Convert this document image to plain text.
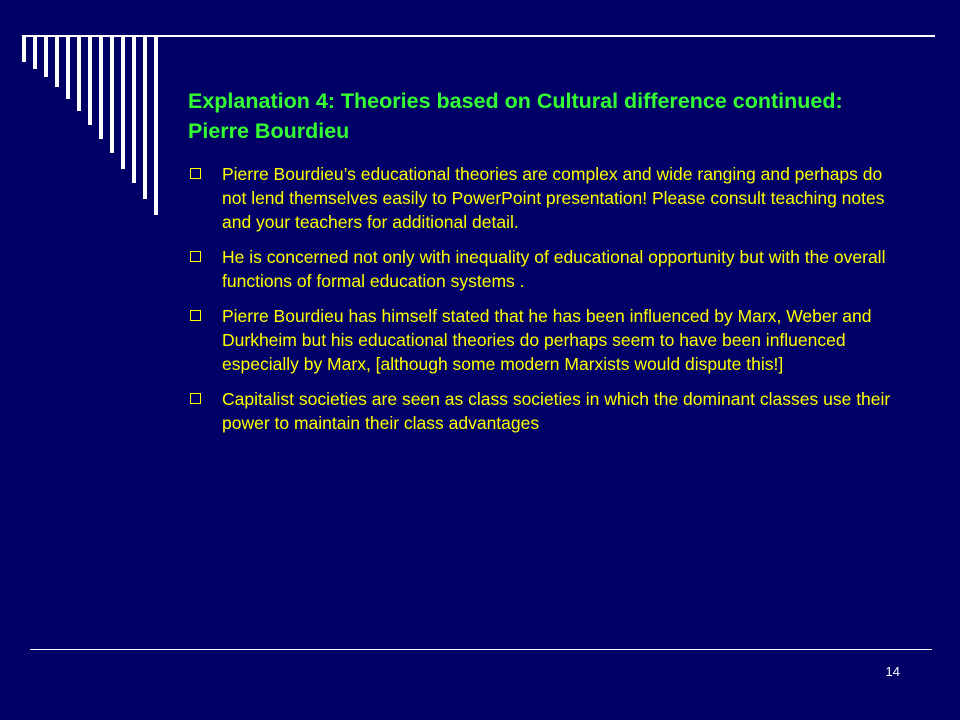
Explanation 4: Theories based on Cultural difference continued: Pierre Bourdieu
Pierre Bourdieu’s educational theories are complex and wide ranging and perhaps do not lend themselves easily to PowerPoint presentation! Please consult teaching notes and your teachers for additional detail.
He is concerned not only with inequality of educational opportunity but with the overall functions of formal education systems .
Pierre Bourdieu has himself stated that he has been influenced by Marx, Weber and Durkheim but his educational theories do perhaps seem to have been influenced especially by Marx, [although some modern Marxists would dispute this!]
Capitalist societies are seen as class societies in which the dominant classes use their power to maintain their class advantages
14
